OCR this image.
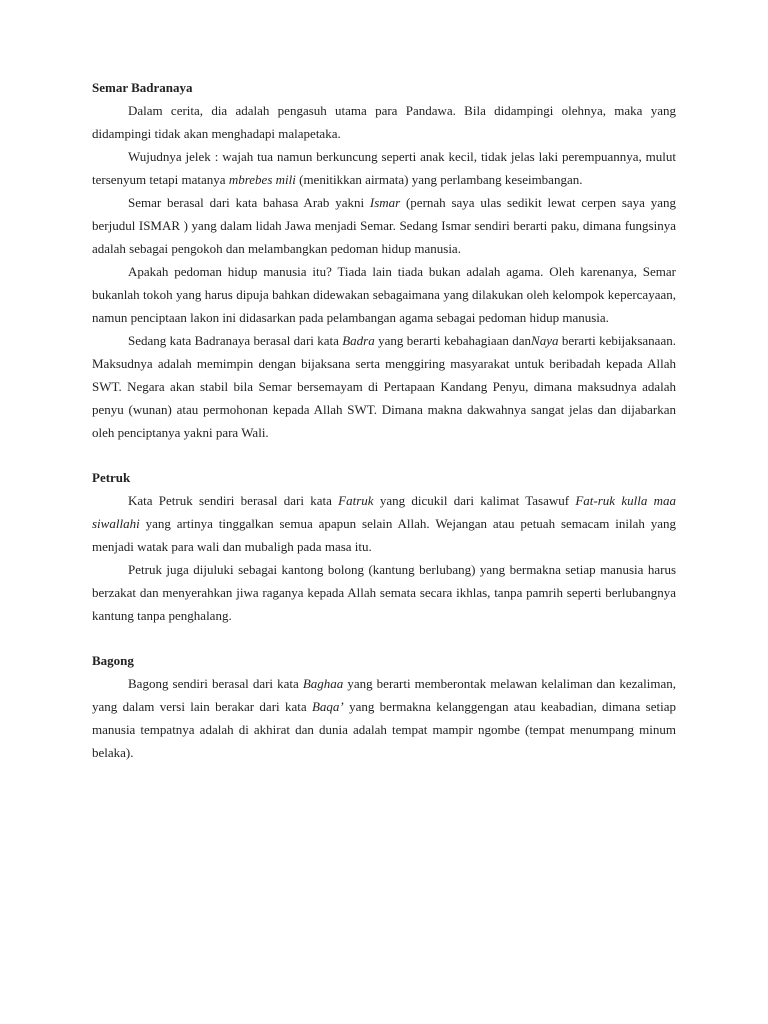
Semar Badranaya

Dalam cerita, dia adalah pengasuh utama para Pandawa. Bila didampingi olehnya, maka yang didampingi tidak akan menghadapi malapetaka.

Wujudnya jelek : wajah tua namun berkuncung seperti anak kecil, tidak jelas laki perempuannya, mulut tersenyum tetapi matanya mbrebes mili (menitikkan airmata) yang perlambang keseimbangan.

Semar berasal dari kata bahasa Arab yakni Ismar (pernah saya ulas sedikit lewat cerpen saya yang berjudul ISMAR ) yang dalam lidah Jawa menjadi Semar. Sedang Ismar sendiri berarti paku, dimana fungsinya adalah sebagai pengokoh dan melambangkan pedoman hidup manusia.

Apakah pedoman hidup manusia itu? Tiada lain tiada bukan adalah agama. Oleh karenanya, Semar bukanlah tokoh yang harus dipuja bahkan didewakan sebagaimana yang dilakukan oleh kelompok kepercayaan, namun penciptaan lakon ini didasarkan pada pelambangan agama sebagai pedoman hidup manusia.

Sedang kata Badranaya berasal dari kata Badra yang berarti kebahagiaan danNaya berarti kebijaksanaan. Maksudnya adalah memimpin dengan bijaksana serta menggiring masyarakat untuk beribadah kepada Allah SWT. Negara akan stabil bila Semar bersemayam di Pertapaan Kandang Penyu, dimana maksudnya adalah penyu (wunan) atau permohonan kepada Allah SWT. Dimana makna dakwahnya sangat jelas dan dijabarkan oleh penciptanya yakni para Wali.

Petruk

Kata Petruk sendiri berasal dari kata Fatruk yang dicukil dari kalimat Tasawuf Fat-ruk kulla maa siwallahi yang artinya tinggalkan semua apapun selain Allah. Wejangan atau petuah semacam inilah yang menjadi watak para wali dan mubaligh pada masa itu.

Petruk juga dijuluki sebagai kantong bolong (kantung berlubang) yang bermakna setiap manusia harus berzakat dan menyerahkan jiwa raganya kepada Allah semata secara ikhlas, tanpa pamrih seperti berlubangnya kantung tanpa penghalang.

Bagong

Bagong sendiri berasal dari kata Baghaa yang berarti memberontak melawan kelaliman dan kezaliman, yang dalam versi lain berakar dari kata Baqa’ yang bermakna kelanggengan atau keabadian, dimana setiap manusia tempatnya adalah di akhirat dan dunia adalah tempat mampir ngombe (tempat menumpang minum belaka).
